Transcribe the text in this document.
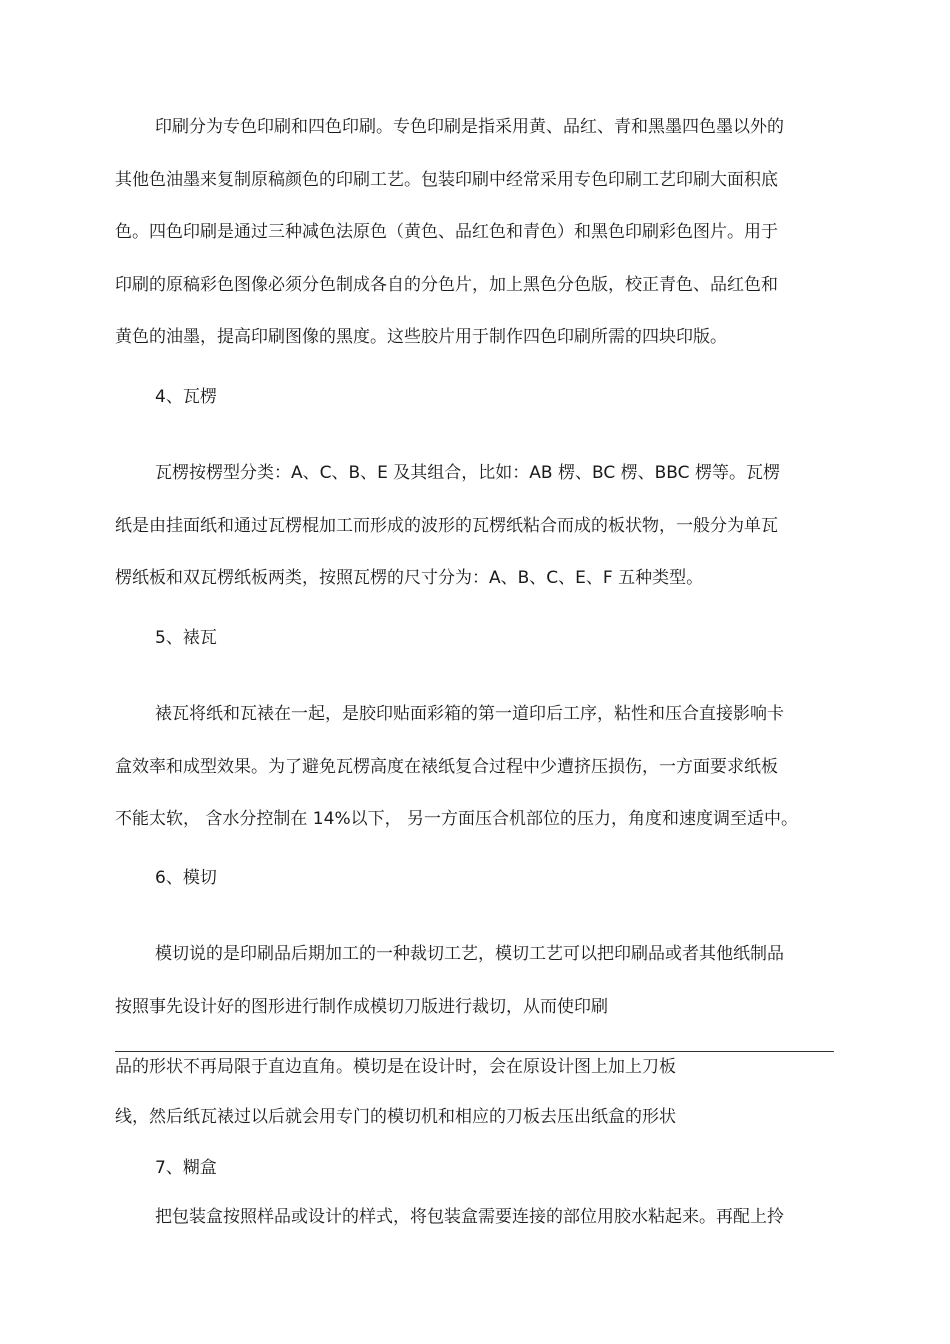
印刷分为专色印刷和四色印刷。专色印刷是指采用黄、品红、青和黑墨四色墨以外的
其他色油墨来复制原稿颜色的印刷工艺。包装印刷中经常采用专色印刷工艺印刷大面积底
色。四色印刷是通过三种减色法原色（黄色、品红色和青色）和黑色印刷彩色图片。用于
印刷的原稿彩色图像必须分色制成各自的分色片，加上黑色分色版，校正青色、品红色和
黄色的油墨，提高印刷图像的黑度。这些胶片用于制作四色印刷所需的四块印版。
4、瓦楞
瓦楞按楞型分类：A、C、B、E 及其组合，比如：AB 楞、BC 楞、BBC 楞等。瓦楞
纸是由挂面纸和通过瓦楞棍加工而形成的波形的瓦楞纸粘合而成的板状物，一般分为单瓦
楞纸板和双瓦楞纸板两类，按照瓦楞的尺寸分为：A、B、C、E、F 五种类型。
5、裱瓦
裱瓦将纸和瓦裱在一起，是胶印贴面彩箱的第一道印后工序，粘性和压合直接影响卡
盒效率和成型效果。为了避免瓦楞高度在裱纸复合过程中少遭挤压损伤，一方面要求纸板
不能太软， 含水分控制在 14%以下， 另一方面压合机部位的压力，角度和速度调至适中。
6、模切
模切说的是印刷品后期加工的一种裁切工艺，模切工艺可以把印刷品或者其他纸制品
按照事先设计好的图形进行制作成模切刀版进行裁切，从而使印刷
品的形状不再局限于直边直角。模切是在设计时，会在原设计图上加上刀板
线，然后纸瓦裱过以后就会用专门的模切机和相应的刀板去压出纸盒的形状
7、糊盒
把包装盒按照样品或设计的样式，将包装盒需要连接的部位用胶水粘起来。再配上拎
